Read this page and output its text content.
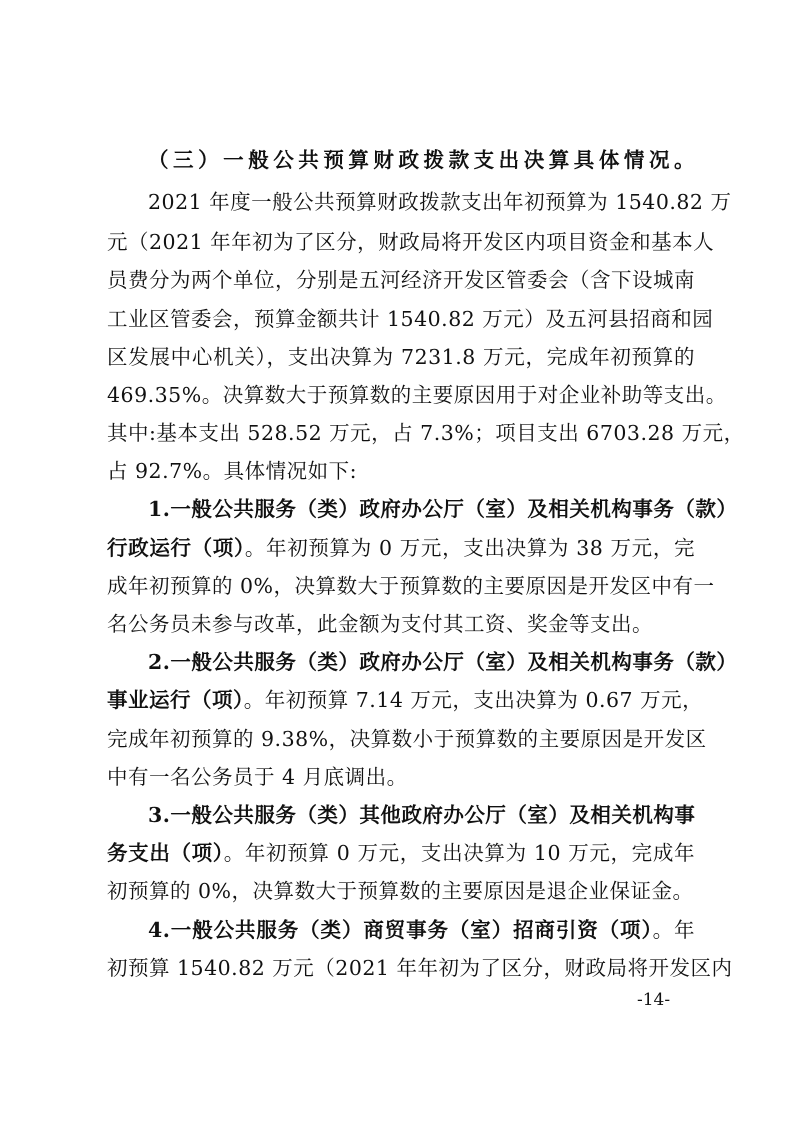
（三）一般公共预算财政拨款支出决算具体情况。
2021 年度一般公共预算财政拨款支出年初预算为 1540.82 万
元（2021 年年初为了区分，财政局将开发区内项目资金和基本人
员费分为两个单位，分别是五河经济开发区管委会（含下设城南
工业区管委会，预算金额共计 1540.82 万元）及五河县招商和园
区发展中心机关），支出决算为 7231.8 万元，完成年初预算的
469.35%。决算数大于预算数的主要原因用于对企业补助等支出。
其中:基本支出 528.52 万元，占 7.3%；项目支出 6703.28 万元，
占 92.7%。具体情况如下:
1.一般公共服务（类）政府办公厅（室）及相关机构事务（款）
行政运行（项）。年初预算为 0 万元，支出决算为 38 万元，完
成年初预算的 0%，决算数大于预算数的主要原因是开发区中有一
名公务员未参与改革，此金额为支付其工资、奖金等支出。
2.一般公共服务（类）政府办公厅（室）及相关机构事务（款）
事业运行（项）。年初预算 7.14 万元，支出决算为 0.67 万元，
完成年初预算的 9.38%，决算数小于预算数的主要原因是开发区
中有一名公务员于 4 月底调出。
3.一般公共服务（类）其他政府办公厅（室）及相关机构事
务支出（项）。年初预算 0 万元，支出决算为 10 万元，完成年
初预算的 0%，决算数大于预算数的主要原因是退企业保证金。
4.一般公共服务（类）商贸事务（室）招商引资（项）。年
初预算 1540.82 万元（2021 年年初为了区分，财政局将开发区内
-14-
